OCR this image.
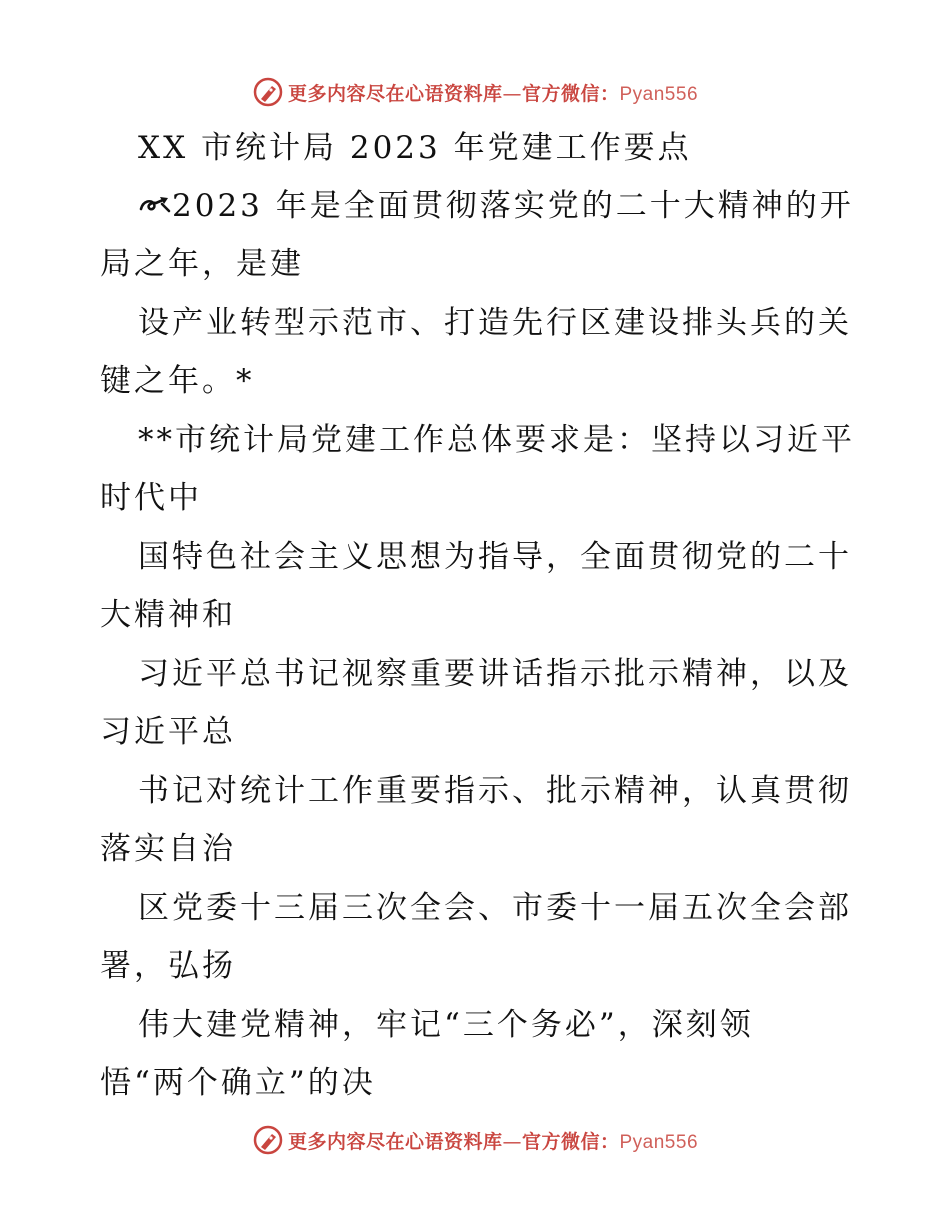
更多内容尽在心语资料库—官方微信：Pyan556
XX 市统计局 2023 年党建工作要点
2023 年是全面贯彻落实党的二十大精神的开
局之年，是建
设产业转型示范市、打造先行区建设排头兵的关
键之年。*
**市统计局党建工作总体要求是：坚持以习近平
时代中
国特色社会主义思想为指导，全面贯彻党的二十
大精神和
习近平总书记视察重要讲话指示批示精神，以及
习近平总
书记对统计工作重要指示、批示精神，认真贯彻
落实自治
区党委十三届三次全会、市委十一届五次全会部
署，弘扬
伟大建党精神，牢记“三个务必”，深刻领
悟“两个确立”的决
更多内容尽在心语资料库—官方微信：Pyan556
